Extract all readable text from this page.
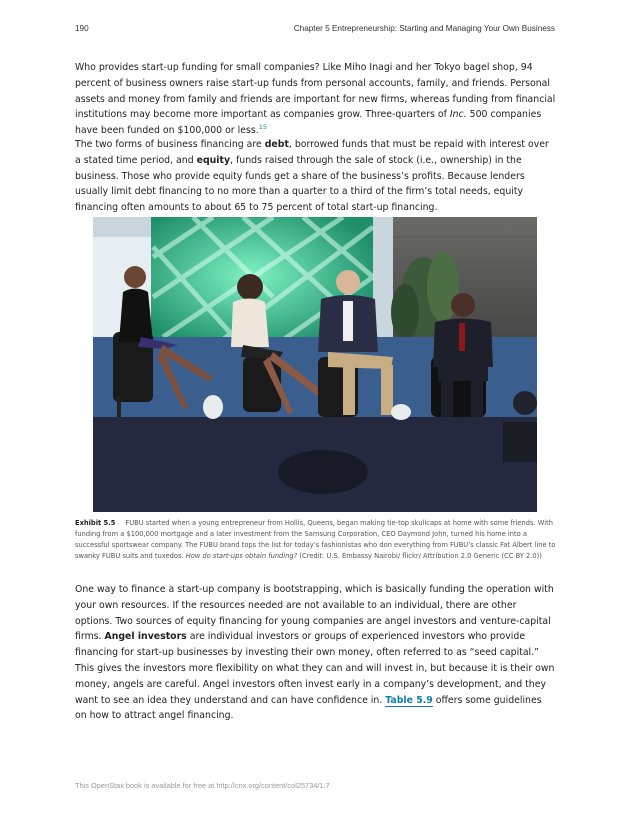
190	Chapter 5 Entrepreneurship: Starting and Managing Your Own Business

Who provides start-up funding for small companies? Like Miho Inagi and her Tokyo bagel shop, 94 percent of business owners raise start-up funds from personal accounts, family, and friends. Personal assets and money from family and friends are important for new firms, whereas funding from financial institutions may become more important as companies grow. Three-quarters of Inc. 500 companies have been funded on $100,000 or less.$^{15}$

The two forms of business financing are debt, borrowed funds that must be repaid with interest over a stated time period, and equity, funds raised through the sale of stock (i.e., ownership) in the business. Those who provide equity funds get a share of the business’s profits. Because lenders usually limit debt financing to no more than a quarter to a third of the firm’s total needs, equity financing often amounts to about 65 to 75 percent of total start-up financing.

Exhibit 5.5 FUBU started when a young entrepreneur from Hollis, Queens, began making tie-top skullcaps at home with some friends. With funding from a $100,000 mortgage and a later investment from the Samsung Corporation, CEO Daymond John, turned his home into a successful sportswear company. The FUBU brand tops the list for today’s fashionistas who don everything from FUBU’s classic Fat Albert line to swanky FUBU suits and tuxedos. How do start-ups obtain funding? (Credit: U.S. Embassy Nairobi/ flickr/ Attribution 2.0 Generic (CC BY 2.0))

One way to finance a start-up company is bootstrapping, which is basically funding the operation with your own resources. If the resources needed are not available to an individual, there are other options. Two sources of equity financing for young companies are angel investors and venture-capital firms. Angel investors are individual investors or groups of experienced investors who provide financing for start-up businesses by investing their own money, often referred to as “seed capital.” This gives the investors more flexibility on what they can and will invest in, but because it is their own money, angels are careful. Angel investors often invest early in a company’s development, and they want to see an idea they understand and can have confidence in. Table 5.9 offers some guidelines on how to attract angel financing.

This OpenStax book is available for free at http://cnx.org/content/col25734/1.7
